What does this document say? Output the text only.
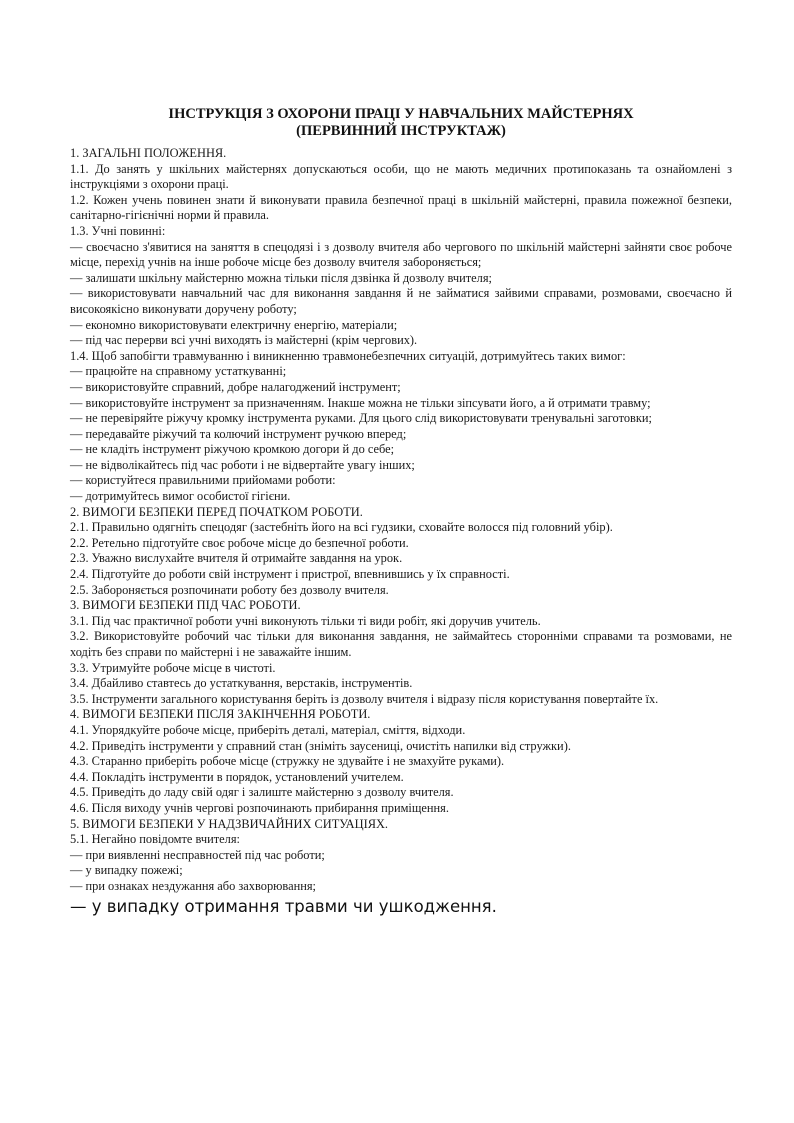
ІНСТРУКЦІЯ З ОХОРОНИ ПРАЦІ У НАВЧАЛЬНИХ МАЙСТЕРНЯХ
(ПЕРВИННИЙ ІНСТРУКТАЖ)

1. ЗАГАЛЬНІ ПОЛОЖЕННЯ.

1.1. До занять у шкільних майстернях допускаються особи, що не мають медичних протипоказань та ознайомлені з інструкціями з охорони праці.

1.2. Кожен учень повинен знати й виконувати правила безпечної праці в шкільній майстерні, правила пожежної безпеки, санітарно-гігієнічні норми й правила.

1.3. Учні повинні:

— своєчасно з'явитися на заняття в спецодязі і з дозволу вчителя або чергового по шкільній майстерні зайняти своє робоче місце, перехід учнів на інше робоче місце без дозволу вчителя забороняється;

— залишати шкільну майстерню можна тільки після дзвінка й дозволу вчителя;

— використовувати навчальний час для виконання завдання й не займатися зайвими справами, розмовами, своєчасно й високоякісно виконувати доручену роботу;

— економно використовувати електричну енергію, матеріали;

— під час перерви всі учні виходять із майстерні (крім чергових).

1.4. Щоб запобігти травмуванню і виникненню травмонебезпечних ситуацій, дотримуйтесь таких вимог:

— працюйте на справному устаткуванні;

— використовуйте справний, добре налагоджений інструмент;

— використовуйте інструмент за призначенням. Інакше можна не тільки зіпсувати його, а й отримати травму;

— не перевіряйте ріжучу кромку інструмента руками. Для цього слід використовувати тренувальні заготовки;

— передавайте ріжучий та колючий інструмент ручкою вперед;

— не кладіть інструмент ріжучою кромкою догори й до себе;

— не відволікайтесь під час роботи і не відвертайте увагу інших;

— користуйтеся правильними прийомами роботи:

— дотримуйтесь вимог особистої гігієни.

2. ВИМОГИ БЕЗПЕКИ ПЕРЕД ПОЧАТКОМ РОБОТИ.

2.1. Правильно одягніть спецодяг (застебніть його на всі гудзики, сховайте волосся під головний убір).

2.2. Ретельно підготуйте своє робоче місце до безпечної роботи.

2.3. Уважно вислухайте вчителя й отримайте завдання на урок.

2.4. Підготуйте до роботи свій інструмент і пристрої, впевнившись у їх справності.

2.5. Забороняється розпочинати роботу без дозволу вчителя.

3. ВИМОГИ БЕЗПЕКИ ПІД ЧАС РОБОТИ.

3.1. Під час практичної роботи учні виконують тільки ті види робіт, які доручив учитель.

3.2. Використовуйте робочий час тільки для виконання завдання, не займайтесь сторонніми справами та розмовами, не ходіть без справи по майстерні і не заважайте іншим.

3.3. Утримуйте робоче місце в чистоті.

3.4. Дбайливо ставтесь до устаткування, верстаків, інструментів.

3.5. Інструменти загального користування беріть із дозволу вчителя і відразу після користування повертайте їх.

4. ВИМОГИ БЕЗПЕКИ ПІСЛЯ ЗАКІНЧЕННЯ РОБОТИ.

4.1. Упорядкуйте робоче місце, приберіть деталі, матеріал, сміття, відходи.

4.2. Приведіть інструменти у справний стан (зніміть заусениці, очистіть напилки від стружки).

4.3. Старанно приберіть робоче місце (стружку не здувайте і не змахуйте руками).

4.4. Покладіть інструменти в порядок, установлений учителем.

4.5. Приведіть до ладу свій одяг і залиште майстерню з дозволу вчителя.

4.6. Після виходу учнів чергові розпочинають прибирання приміщення.

5. ВИМОГИ БЕЗПЕКИ У НАДЗВИЧАЙНИХ СИТУАЦІЯХ.

5.1. Негайно повідомте вчителя:

— при виявленні несправностей під час роботи;

— у випадку пожежі;

— при ознаках нездужання або захворювання;

— у випадку отримання травми чи ушкодження.
